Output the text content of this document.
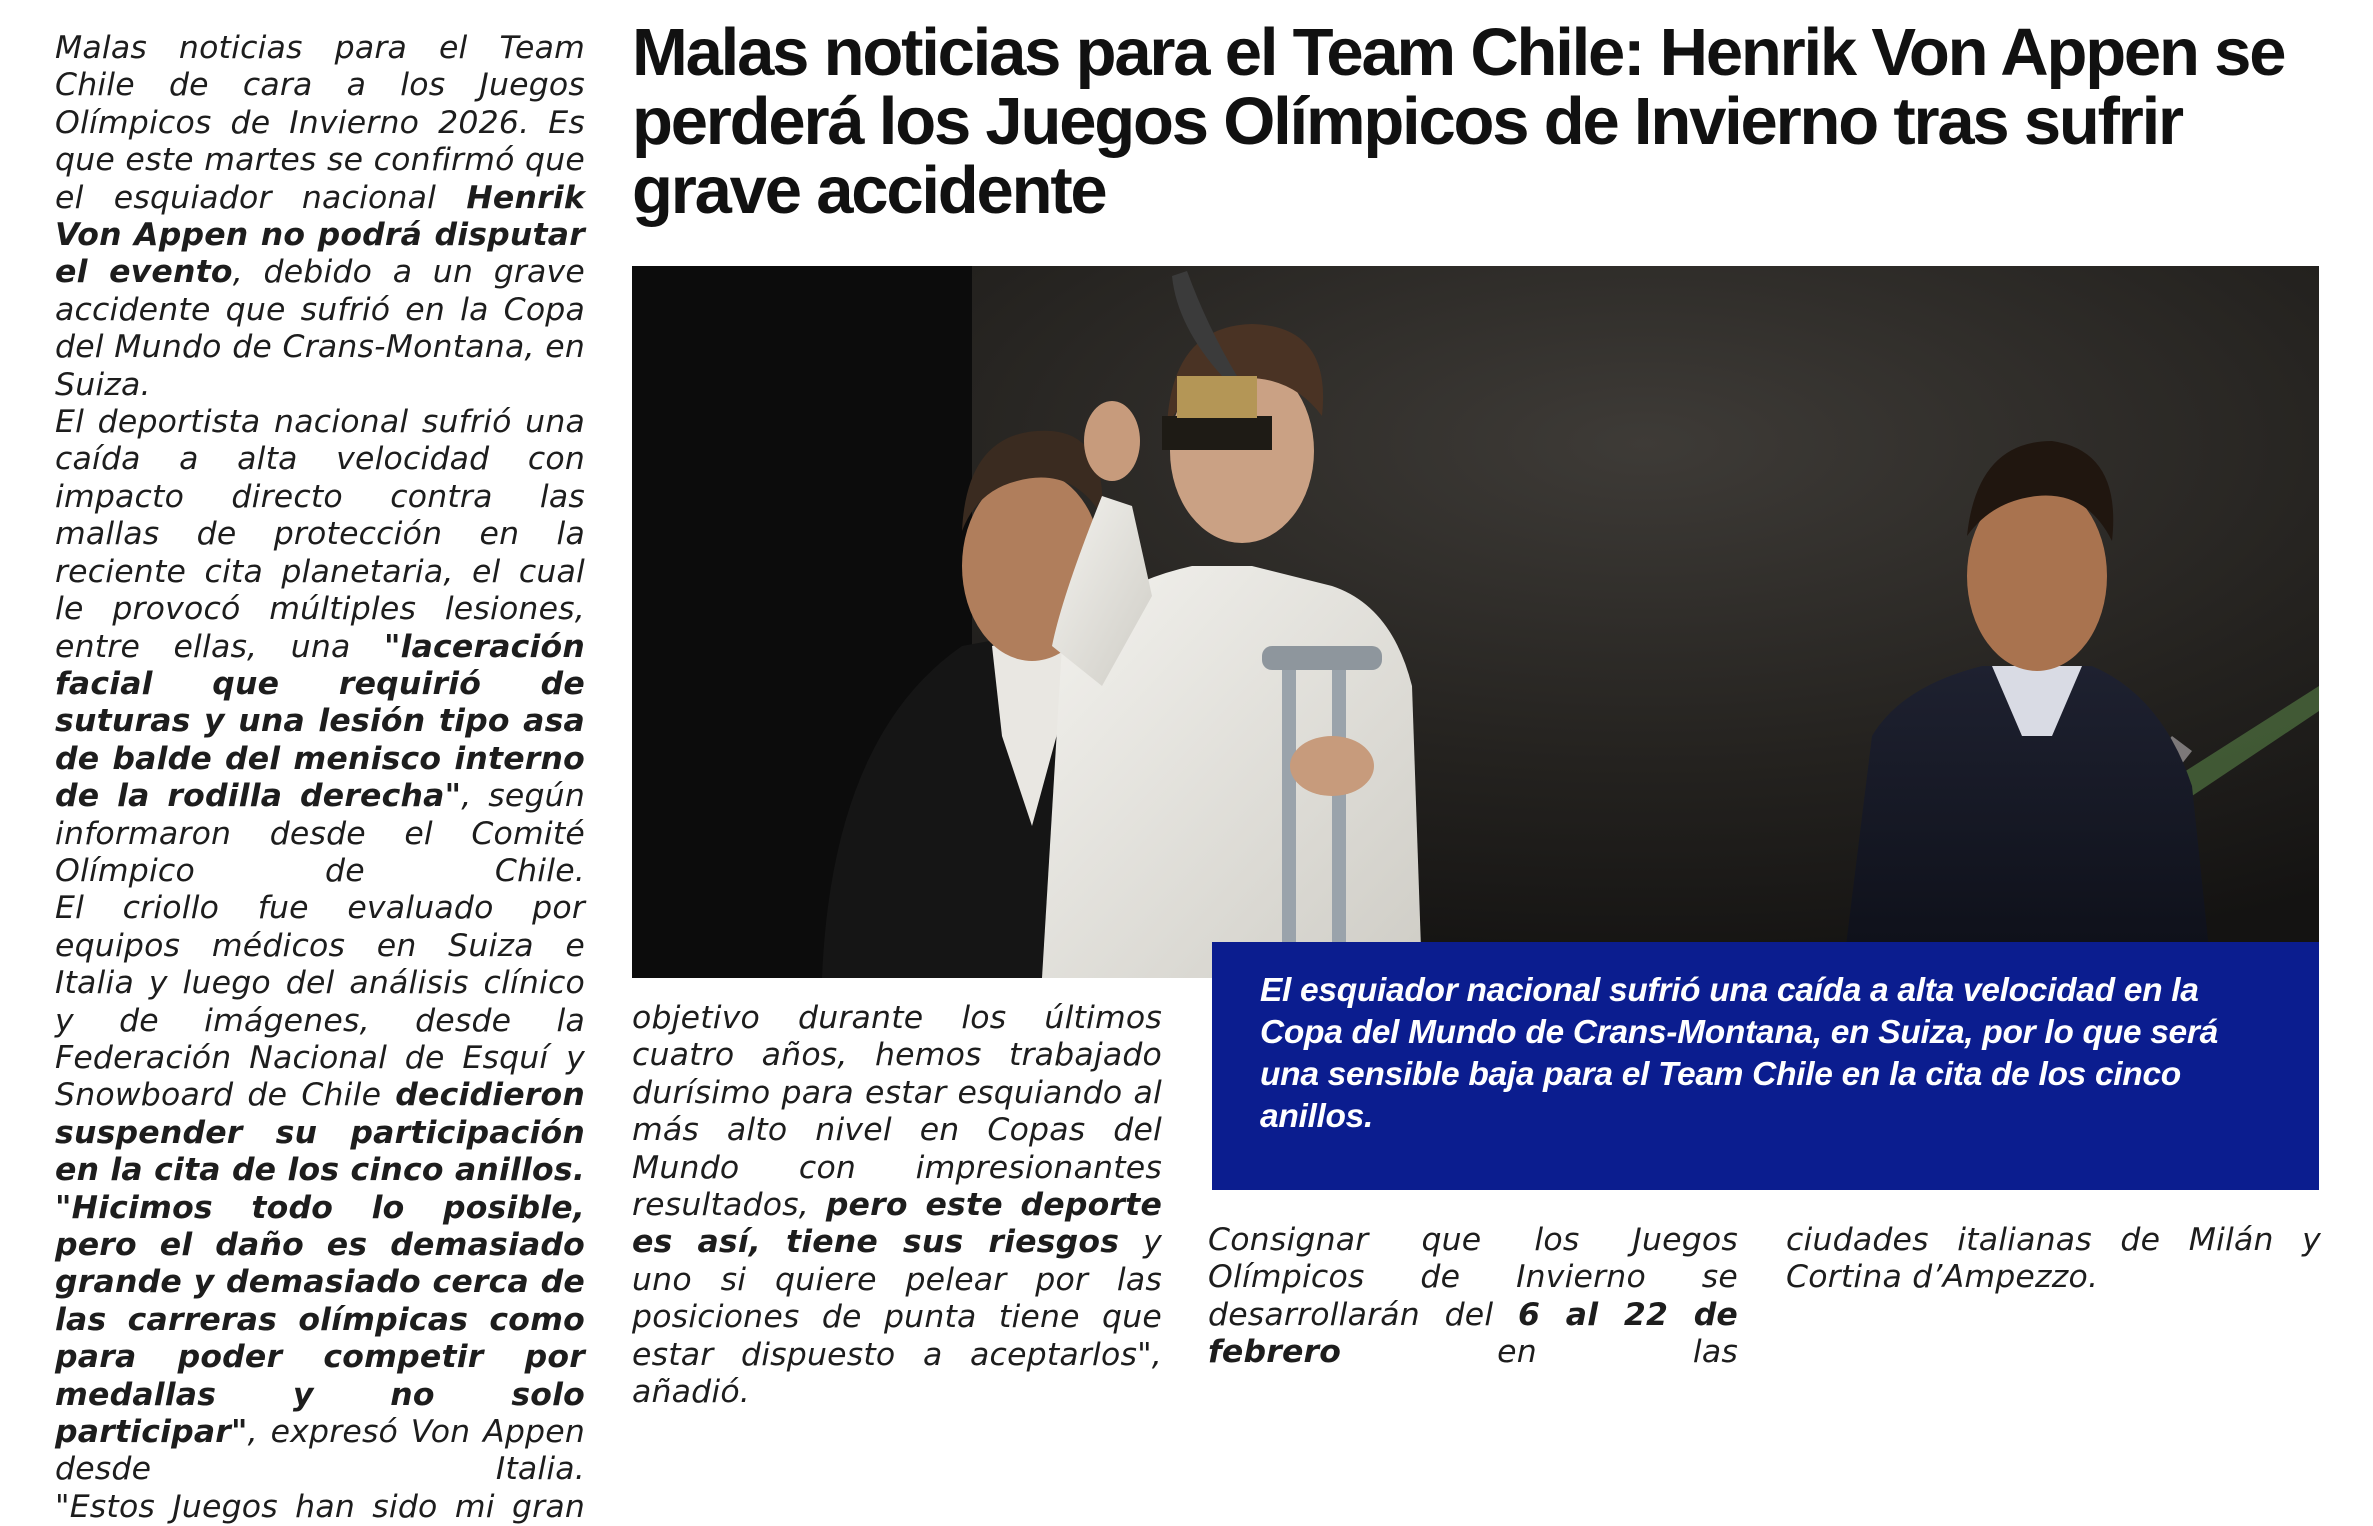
Malas noticias para el Team Chile de cara a los Juegos Olímpicos de Invierno 2026. Es que este martes se confirmó que el esquiador nacional Henrik Von Appen no podrá disputar el evento, debido a un grave accidente que sufrió en la Copa del Mundo de Crans-Montana, en Suiza.

El deportista nacional sufrió una caída a alta velocidad con impacto directo contra las mallas de protección en la reciente cita planetaria, el cual le provocó múltiples lesiones, entre ellas, una "laceración facial que requirió de suturas y una lesión tipo asa de balde del menisco interno de la rodilla derecha", según informaron desde el Comité Olímpico de Chile.

El criollo fue evaluado por equipos médicos en Suiza e Italia y luego del análisis clínico y de imágenes, desde la Federación Nacional de Esquí y Snowboard de Chile decidieron suspender su participación en la cita de los cinco anillos.

"Hicimos todo lo posible, pero el daño es demasiado grande y demasiado cerca de las carreras olímpicas como para poder competir por medallas y no solo participar", expresó Von Appen desde Italia.

"Estos Juegos han sido mi gran

Malas noticias para el Team Chile: Henrik Von Appen se perderá los Juegos Olímpicos de Invierno tras sufrir grave accidente

El esquiador nacional sufrió una caída a alta velocidad en la Copa del Mundo de Crans-Montana, en Suiza, por lo que será una sensible baja para el Team Chile en la cita de los cinco anillos.

objetivo durante los últimos cuatro años, hemos trabajado durísimo para estar esquiando al más alto nivel en Copas del Mundo con impresionantes resultados, pero este deporte es así, tiene sus riesgos y uno si quiere pelear por las posiciones de punta tiene que estar dispuesto a aceptarlos", añadió.

Consignar que los Juegos Olímpicos de Invierno se desarrollarán del 6 al 22 de febrero en las

ciudades italianas de Milán y Cortina d’Ampezzo.
